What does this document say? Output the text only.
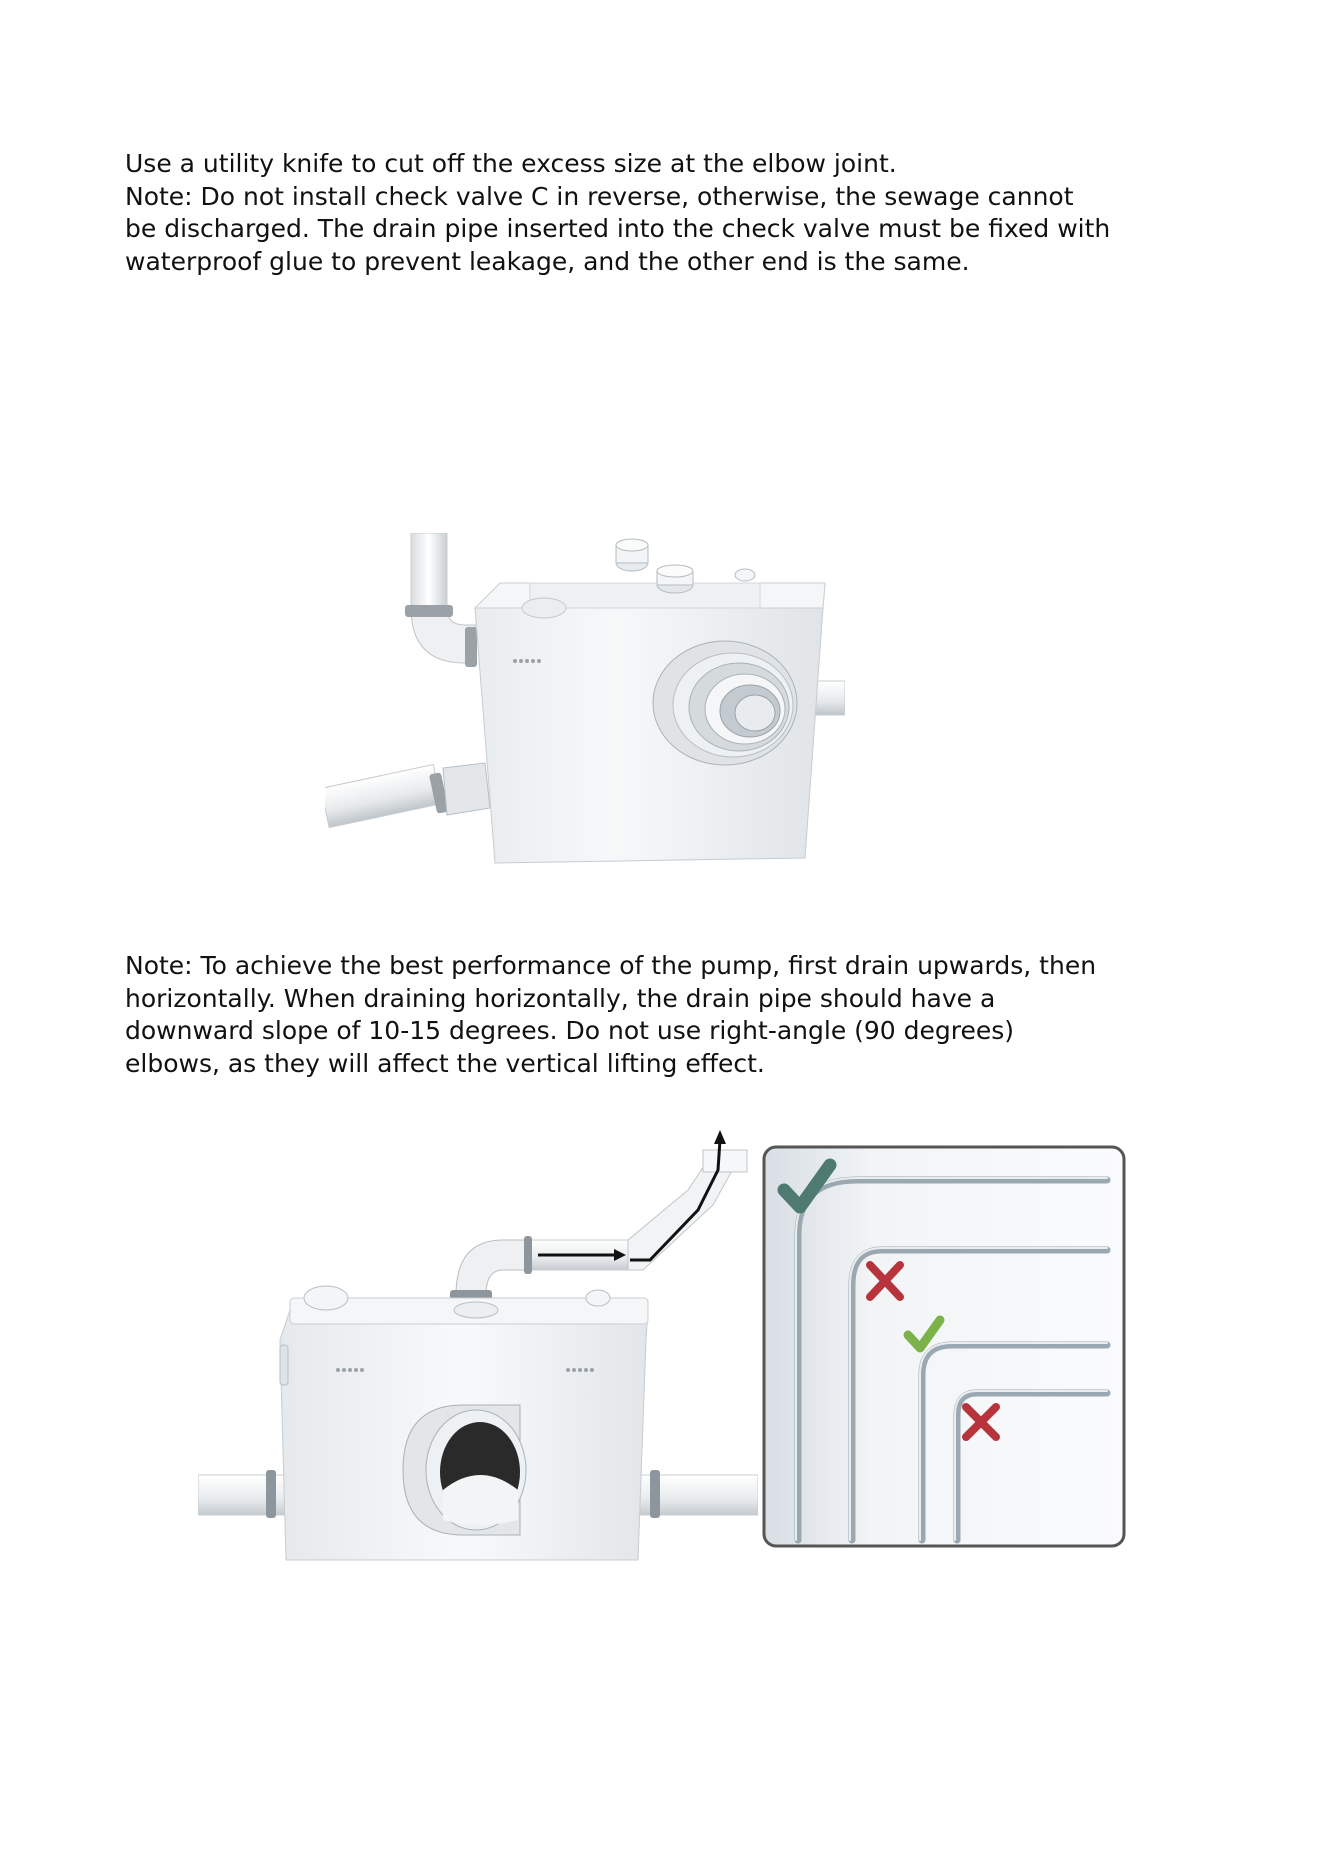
Use a utility knife to cut off the excess size at the elbow joint.
Note: Do not install check valve C in reverse, otherwise, the sewage cannot
be discharged. The drain pipe inserted into the check valve must be fixed with
waterproof glue to prevent leakage, and the other end is the same.
Note: To achieve the best performance of the pump, first drain upwards, then
horizontally. When draining horizontally, the drain pipe should have a
downward slope of 10-15 degrees. Do not use right-angle (90 degrees)
elbows, as they will affect the vertical lifting effect.
